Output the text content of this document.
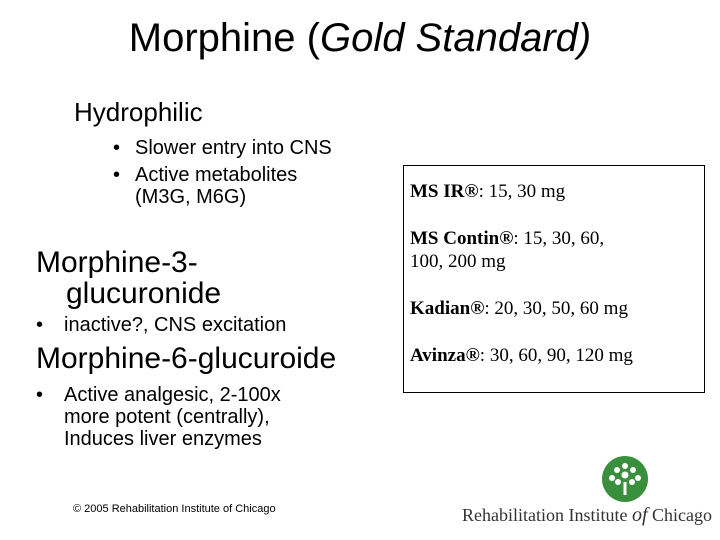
Morphine (Gold Standard)
Hydrophilic
• Slower entry into CNS
• Active metabolites
(M3G, M6G)
Morphine-3-
glucuronide
• inactive?, CNS excitation
Morphine-6-glucuroide
• Active analgesic, 2-100x
more potent (centrally),
Induces liver enzymes
MS IR®: 15, 30 mg
MS Contin®: 15, 30, 60,
100, 200 mg
Kadian®: 20, 30, 50, 60 mg
Avinza®: 30, 60, 90, 120 mg
© 2005 Rehabilitation Institute of Chicago	Rehabilitation Institute of Chicago
